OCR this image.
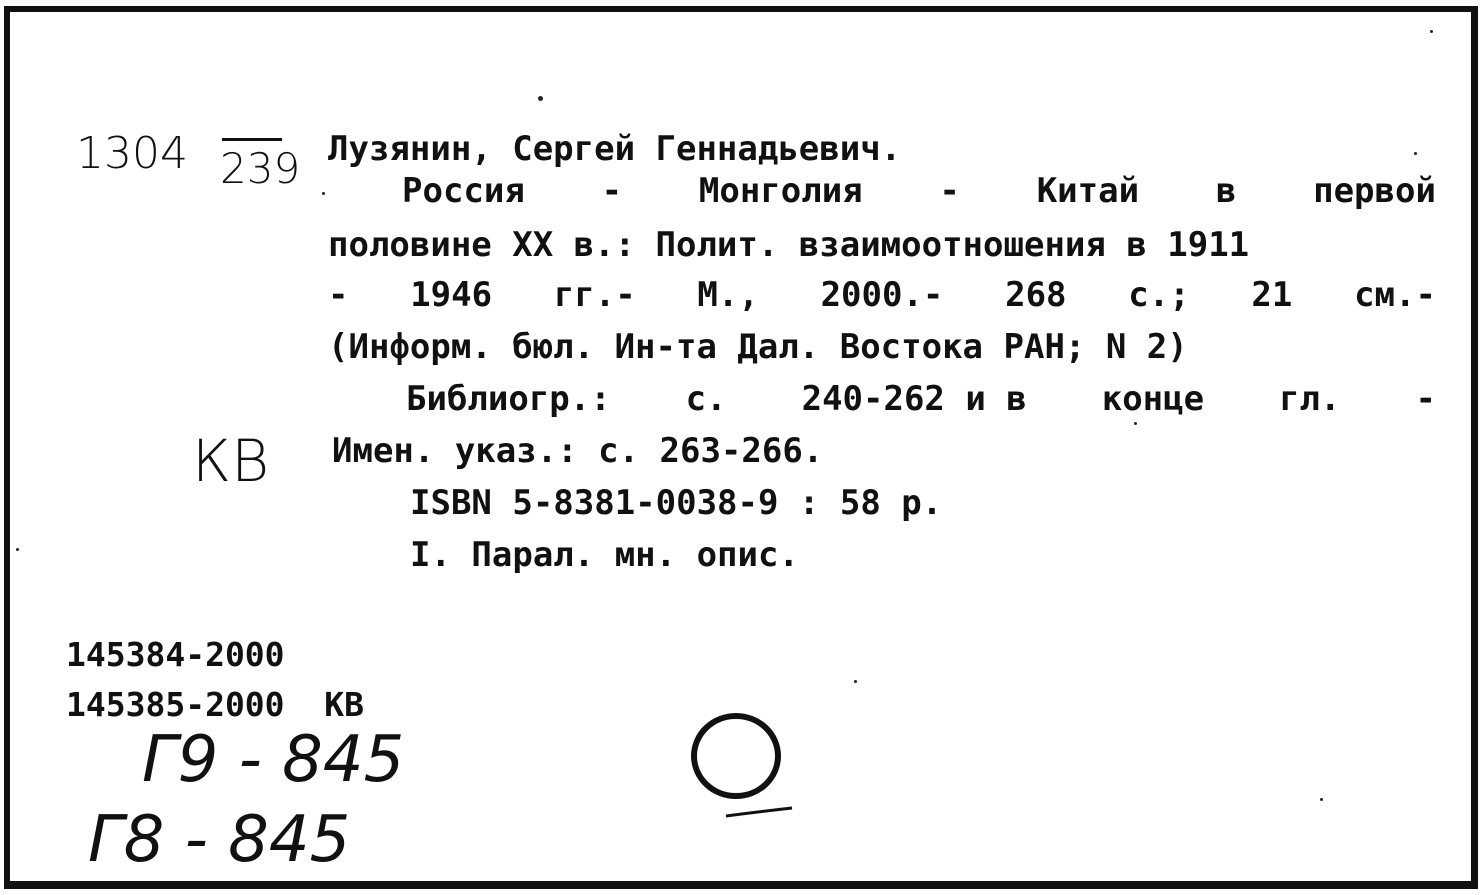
1304 239
КВ
Лузянин, Сергей Геннадьевич.
Россия - Монголия - Китай в первой
половине XX в.: Полит. взаимоотношения в 1911
- 1946 гг.- М., 2000.- 268 с.; 21 см.-
(Информ. бюл. Ин-та Дал. Востока РАН; N 2)
Библиогр.: с. 240-262 и в конце гл. -
Имен. указ.: с. 263-266.
ISBN 5-8381-0038-9 : 58 р.
I. Парал. мн. опис.
145384-2000
145385-2000  КВ
Г9 - 845
Г8 - 845
